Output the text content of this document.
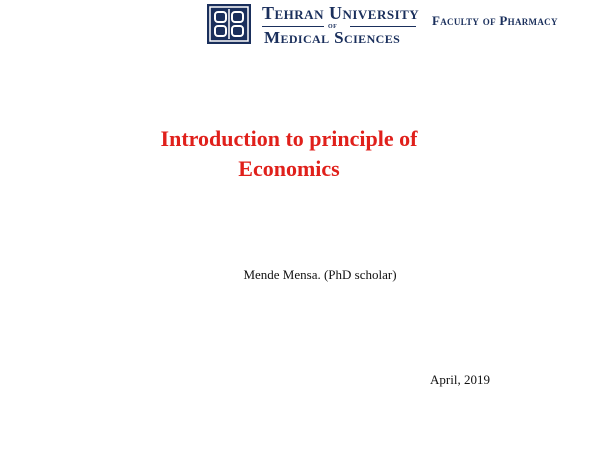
Tehran University
of
Medical Sciences
Faculty of Pharmacy
Introduction to principle of
Economics
Mende Mensa. (PhD scholar)
April, 2019
